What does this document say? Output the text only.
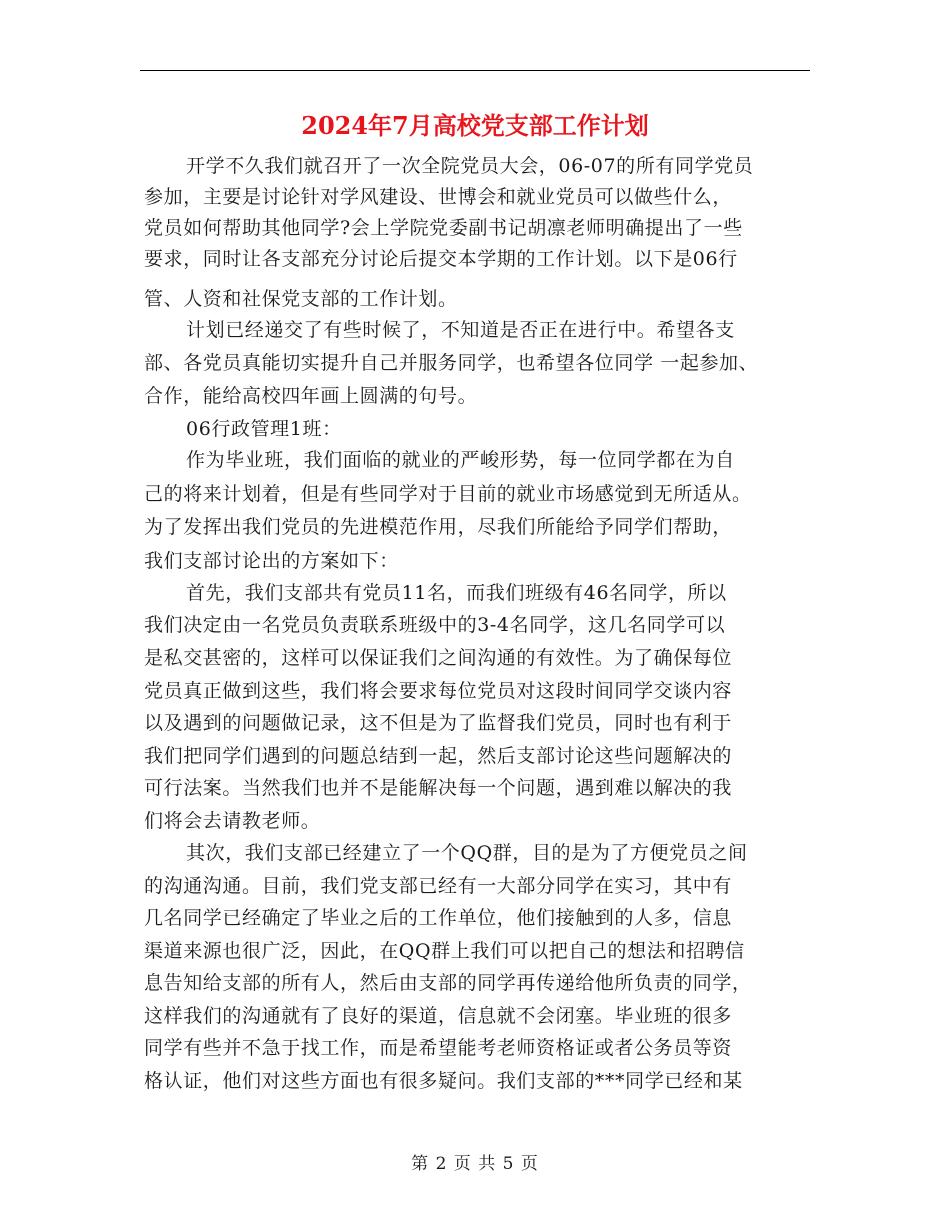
2024年7月高校党支部工作计划
开学不久我们就召开了一次全院党员大会，06-07的所有同学党员
参加，主要是讨论针对学风建设、世博会和就业党员可以做些什么，
党员如何帮助其他同学?会上学院党委副书记胡凛老师明确提出了一些
要求，同时让各支部充分讨论后提交本学期的工作计划。以下是06行
管、人资和社保党支部的工作计划。
计划已经递交了有些时候了，不知道是否正在进行中。希望各支
部、各党员真能切实提升自己并服务同学，也希望各位同学 一起参加、
合作，能给高校四年画上圆满的句号。
06行政管理1班：
作为毕业班，我们面临的就业的严峻形势，每一位同学都在为自
己的将来计划着，但是有些同学对于目前的就业市场感觉到无所适从。
为了发挥出我们党员的先进模范作用，尽我们所能给予同学们帮助，
我们支部讨论出的方案如下：
首先，我们支部共有党员11名，而我们班级有46名同学，所以
我们决定由一名党员负责联系班级中的3-4名同学，这几名同学可以
是私交甚密的，这样可以保证我们之间沟通的有效性。为了确保每位
党员真正做到这些，我们将会要求每位党员对这段时间同学交谈内容
以及遇到的问题做记录，这不但是为了监督我们党员，同时也有利于
我们把同学们遇到的问题总结到一起，然后支部讨论这些问题解决的
可行法案。当然我们也并不是能解决每一个问题，遇到难以解决的我
们将会去请教老师。
其次，我们支部已经建立了一个QQ群，目的是为了方便党员之间
的沟通沟通。目前，我们党支部已经有一大部分同学在实习，其中有
几名同学已经确定了毕业之后的工作单位，他们接触到的人多，信息
渠道来源也很广泛，因此，在QQ群上我们可以把自己的想法和招聘信
息告知给支部的所有人，然后由支部的同学再传递给他所负责的同学，
这样我们的沟通就有了良好的渠道，信息就不会闭塞。毕业班的很多
同学有些并不急于找工作，而是希望能考老师资格证或者公务员等资
格认证，他们对这些方面也有很多疑问。我们支部的***同学已经和某
第 2 页 共 5 页
